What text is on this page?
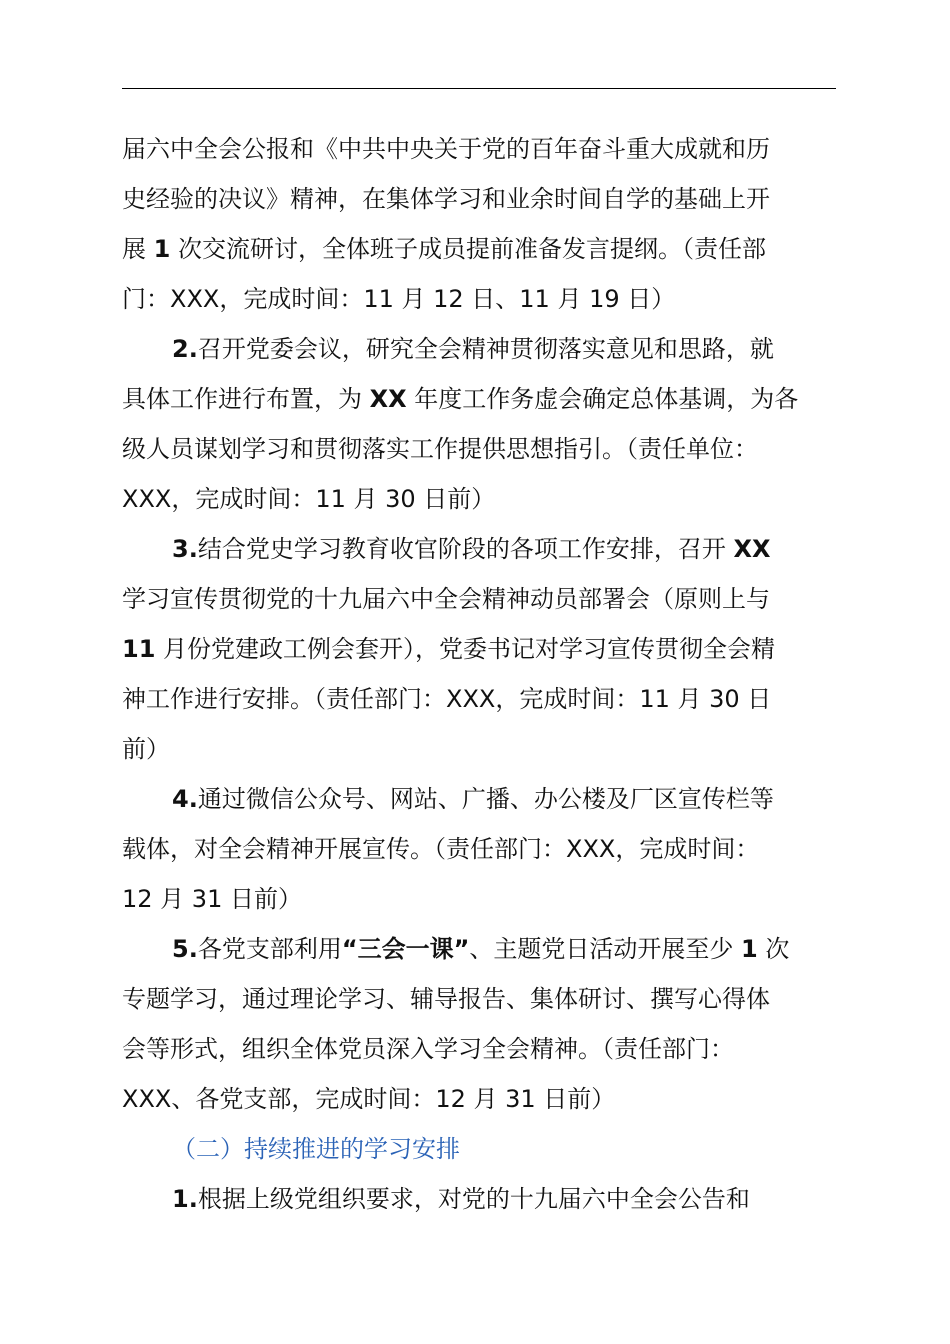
届六中全会公报和《中共中央关于党的百年奋斗重大成就和历
史经验的决议》精神，在集体学习和业余时间自学的基础上开
展 1 次交流研讨，全体班子成员提前准备发言提纲。（责任部
门：XXX，完成时间：11 月 12 日、11 月 19 日）
2.召开党委会议，研究全会精神贯彻落实意见和思路，就
具体工作进行布置，为 XX 年度工作务虚会确定总体基调，为各
级人员谋划学习和贯彻落实工作提供思想指引。（责任单位：
XXX，完成时间：11 月 30 日前）
3.结合党史学习教育收官阶段的各项工作安排，召开 XX
学习宣传贯彻党的十九届六中全会精神动员部署会（原则上与
11 月份党建政工例会套开），党委书记对学习宣传贯彻全会精
神工作进行安排。（责任部门：XXX，完成时间：11 月 30 日
前）
4.通过微信公众号、网站、广播、办公楼及厂区宣传栏等
载体，对全会精神开展宣传。（责任部门：XXX，完成时间：
12 月 31 日前）
5.各党支部利用“三会一课”、主题党日活动开展至少 1 次
专题学习，通过理论学习、辅导报告、集体研讨、撰写心得体
会等形式，组织全体党员深入学习全会精神。（责任部门：
XXX、各党支部，完成时间：12 月 31 日前）
（二）持续推进的学习安排
1.根据上级党组织要求，对党的十九届六中全会公告和
